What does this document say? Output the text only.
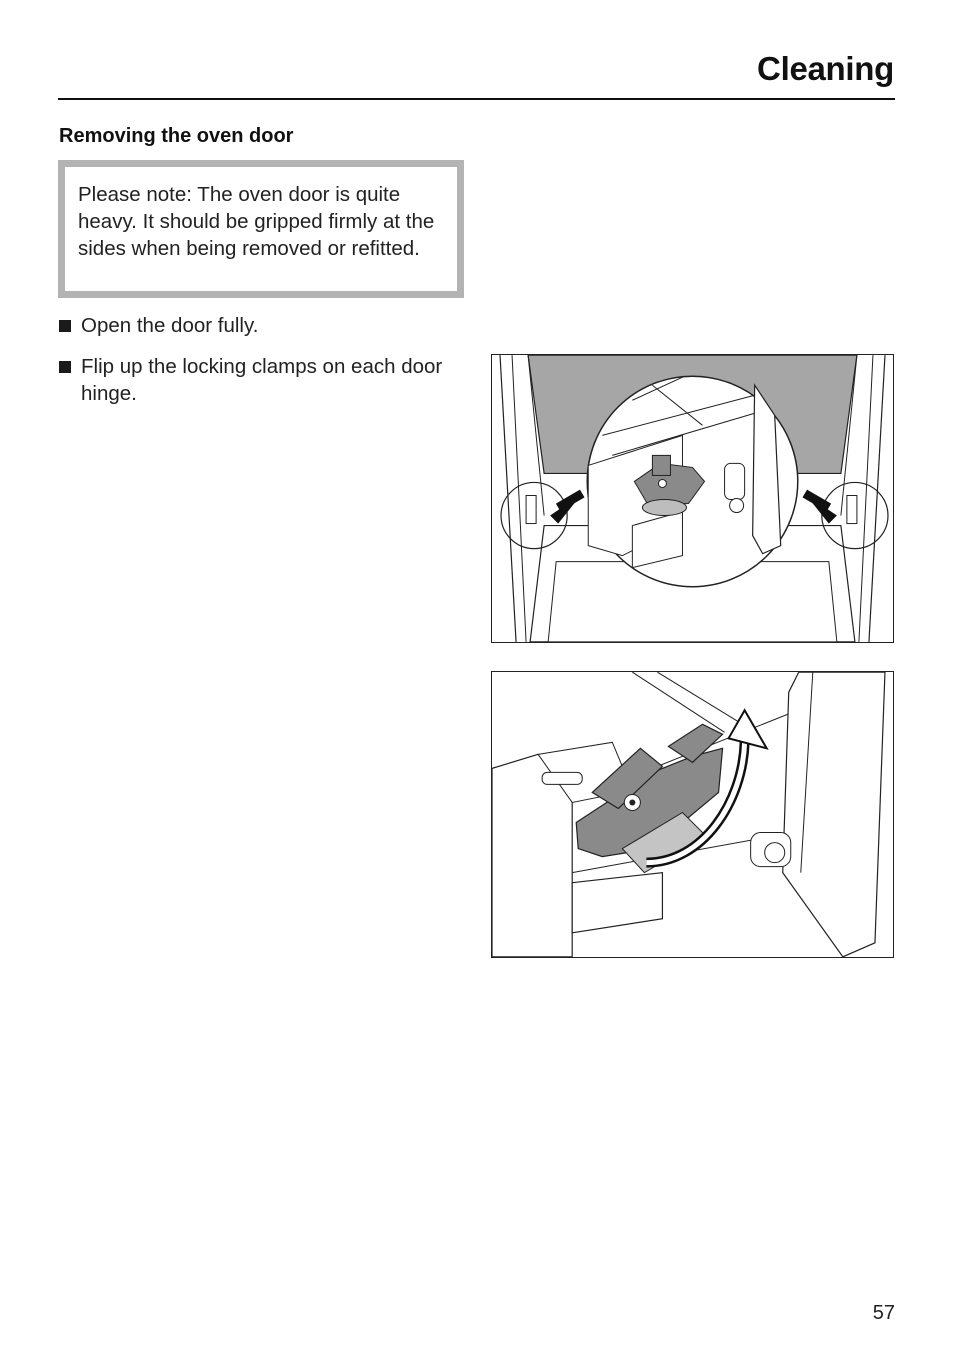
Cleaning
Removing the oven door

Please note: The oven door is quite heavy. It should be gripped firmly at the sides when being removed or refitted.

Open the door fully.
Flip up the locking clamps on each door hinge.
57
